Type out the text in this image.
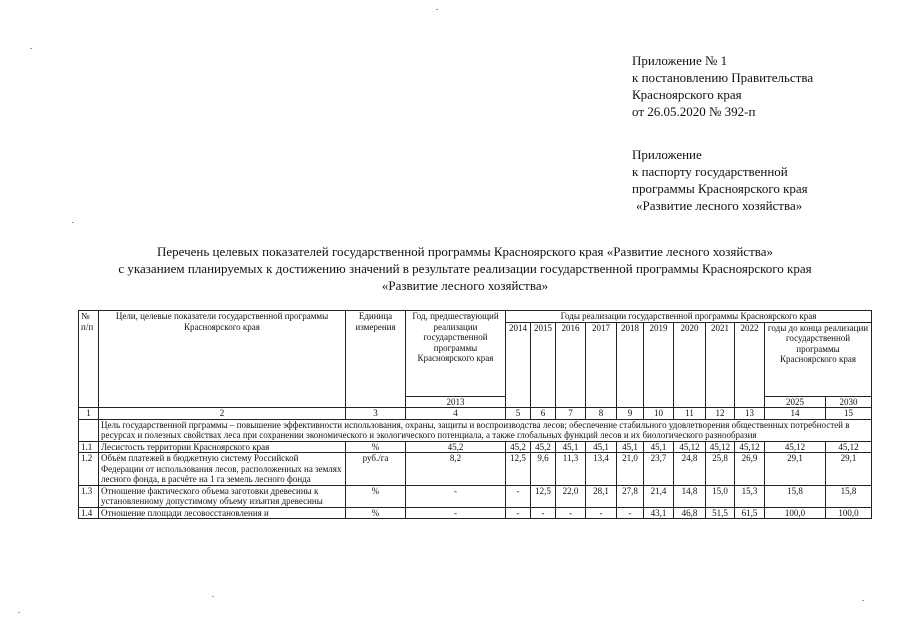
Приложение № 1
к постановлению Правительства
Красноярского края
от 26.05.2020 № 392-п
Приложение
к паспорту государственной
программы Красноярского края
«Развитие лесного хозяйства»
Перечень целевых показателей государственной программы Красноярского края «Развитие лесного хозяйства»
с указанием планируемых к достижению значений в результате реализации государственной программы Красноярского края
«Развитие лесного хозяйства»
№ п/п	Цели, целевые показатели государственной программы Красноярского края	Единица измерения	Год, предшествующий реализации государственной программы Красноярского края	Годы реализации государственной программы Красноярского края										
				2014	2015	2016	2017	2018	2019	2020	2021	2022	годы до конца реализации государственной программы Красноярского края	
			2013										2025	2030
1	2	3	4	5	6	7	8	9	10	11	12	13	14	15
	Цель государственной прграммы – повышение эффективности использования, охраны, защиты и воспроизводства лесов; обеспечение стабильного удовлетворения общественных потребностей в ресурсах и полезных свойствах леса при сохранении экономического и экологического потенциала, а также глобальных функций лесов и их биологического разнообразия													
1.1	Лесистость территории Красноярского края	%	45,2	45,2	45,2	45,1	45,1	45,1	45,1	45,12	45,12	45,12	45,12	45,12
1.2	Объём платежей в бюджетную систему Российской Федерации от использования лесов, расположенных на землях лесного фонда, в расчёте на 1 га земель лесного фонда	руб./га	8,2	12,5	9,6	11,3	13,4	21,0	23,7	24,8	25,8	26,9	29,1	29,1
1.3	Отношение фактического объема заготовки древесины к установленному допустимому объему изъятия древесины	%	-	-	12,5	22,0	28,1	27,8	21,4	14,8	15,0	15,3	15,8	15,8
1.4	Отношение площади лесовосстановления и	%	-	-	-	-	-	-	43,1	46,8	51,5	61,5	100,0	100,0
